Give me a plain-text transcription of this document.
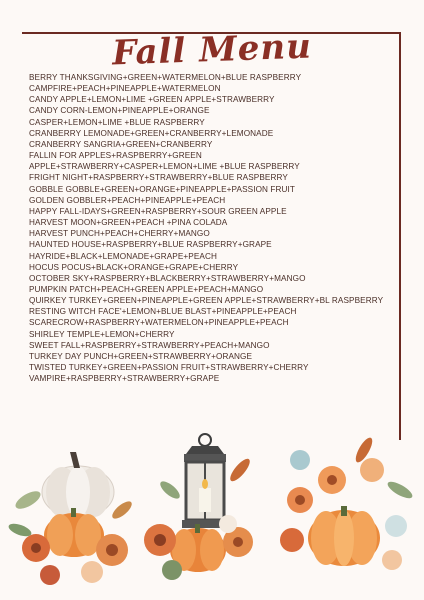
Fall Menu
BERRY THANKSGIVING+GREEN+WATERMELON+BLUE RASPBERRY
CAMPFIRE+PEACH+PINEAPPLE+WATERMELON
CANDY APPLE+LEMON+LIME +GREEN APPLE+STRAWBERRY
CANDY CORN-LEMON+PINEAPPLE+ORANGE
CASPER+LEMON+LIME +BLUE RASPBERRY
CRANBERRY LEMONADE+GREEN+CRANBERRY+LEMONADE
CRANBERRY SANGRIA+GREEN+CRANBERRY
FALLIN FOR APPLES+RASPBERRY+GREEN APPLE+STRAWBERRY+CASPER+LEMON+LIME +BLUE RASPBERRY
FRIGHT NIGHT+RASPBERRY+STRAWBERRY+BLUE RASPBERRY
GOBBLE GOBBLE+GREEN+ORANGE+PINEAPPLE+PASSION FRUIT
GOLDEN GOBBLER+PEACH+PINEAPPLE+PEACH
HAPPY FALL-IDAYS+GREEN+RASPBERRY+SOUR GREEN APPLE
HARVEST MOON+GREEN+PEACH +PINA COLADA
HARVEST PUNCH+PEACH+CHERRY+MANGO
HAUNTED HOUSE+RASPBERRY+BLUE RASPBERRY+GRAPE
HAYRIDE+BLACK+LEMONADE+GRAPE+PEACH
HOCUS POCUS+BLACK+ORANGE+GRAPE+CHERRY
OCTOBER SKY+RASPBERRY+BLACKBERRY+STRAWBERRY+MANGO
PUMPKIN PATCH+PEACH+GREEN APPLE+PEACH+MANGO
QUIRKEY TURKEY+GREEN+PINEAPPLE+GREEN APPLE+STRAWBERRY+BL RASPBERRY
RESTING WITCH FACE'+LEMON+BLUE BLAST+PINEAPPLE+PEACH
SCARECROW+RASPBERRY+WATERMELON+PINEAPPLE+PEACH
SHIRLEY TEMPLE+LEMON+CHERRY
SWEET FALL+RASPBERRY+STRAWBERRY+PEACH+MANGO
TURKEY DAY PUNCH+GREEN+STRAWBERRY+ORANGE
TWISTED TURKEY+GREEN+PASSION FRUIT+STRAWBERRY+CHERRY
VAMPIRE+RASPBERRY+STRAWBERRY+GRAPE
